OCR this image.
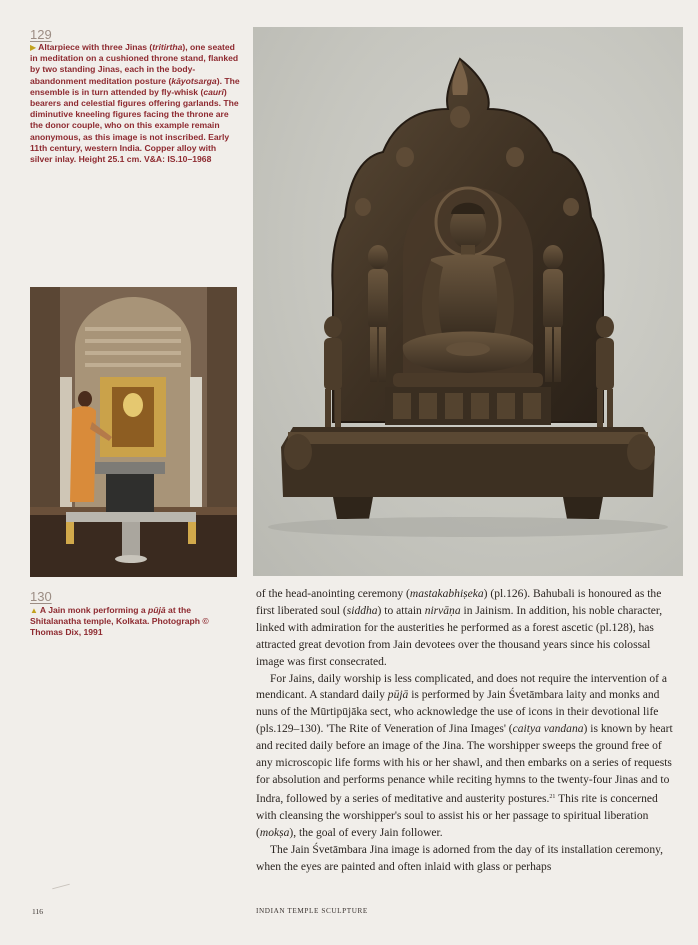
129
▶ Altarpiece with three Jinas (tritirtha), one seated in meditation on a cushioned throne stand, flanked by two standing Jinas, each in the body-abandonment meditation posture (kāyotsarga). The ensemble is in turn attended by fly-whisk (cauri) bearers and celestial figures offering garlands. The diminutive kneeling figures facing the throne are the donor couple, who on this example remain anonymous, as this image is not inscribed. Early 11th century, western India. Copper alloy with silver inlay. Height 25.1 cm. V&A: IS.10–1968
130
▲ A Jain monk performing a pūjā at the Shitalanatha temple, Kolkata. Photograph © Thomas Dix, 1991

of the head-anointing ceremony (mastakabhiṣeka) (pl.126). Bahubali is honoured as the first liberated soul (siddha) to attain nirvāṇa in Jainism. In addition, his noble character, linked with admiration for the austerities he performed as a forest ascetic (pl.128), has attracted great devotion from Jain devotees over the thousand years since his colossal image was first consecrated.

For Jains, daily worship is less complicated, and does not require the intervention of a mendicant. A standard daily pūjā is performed by Jain Śvetāmbara laity and monks and nuns of the Mūrtipūjāka sect, who acknowledge the use of icons in their devotional life (pls.129–130). 'The Rite of Veneration of Jina Images' (caitya vandana) is known by heart and recited daily before an image of the Jina. The worshipper sweeps the ground free of any microscopic life forms with his or her shawl, and then embarks on a series of requests for absolution and performs penance while reciting hymns to the twenty-four Jinas and to Indra, followed by a series of meditative and austerity postures.$^{21}$ This rite is concerned with cleansing the worshipper's soul to assist his or her passage to spiritual liberation (mokṣa), the goal of every Jain follower.

The Jain Śvetāmbara Jina image is adorned from the day of its installation ceremony, when the eyes are painted and often inlaid with glass or perhaps

116	INDIAN TEMPLE SCULPTURE
